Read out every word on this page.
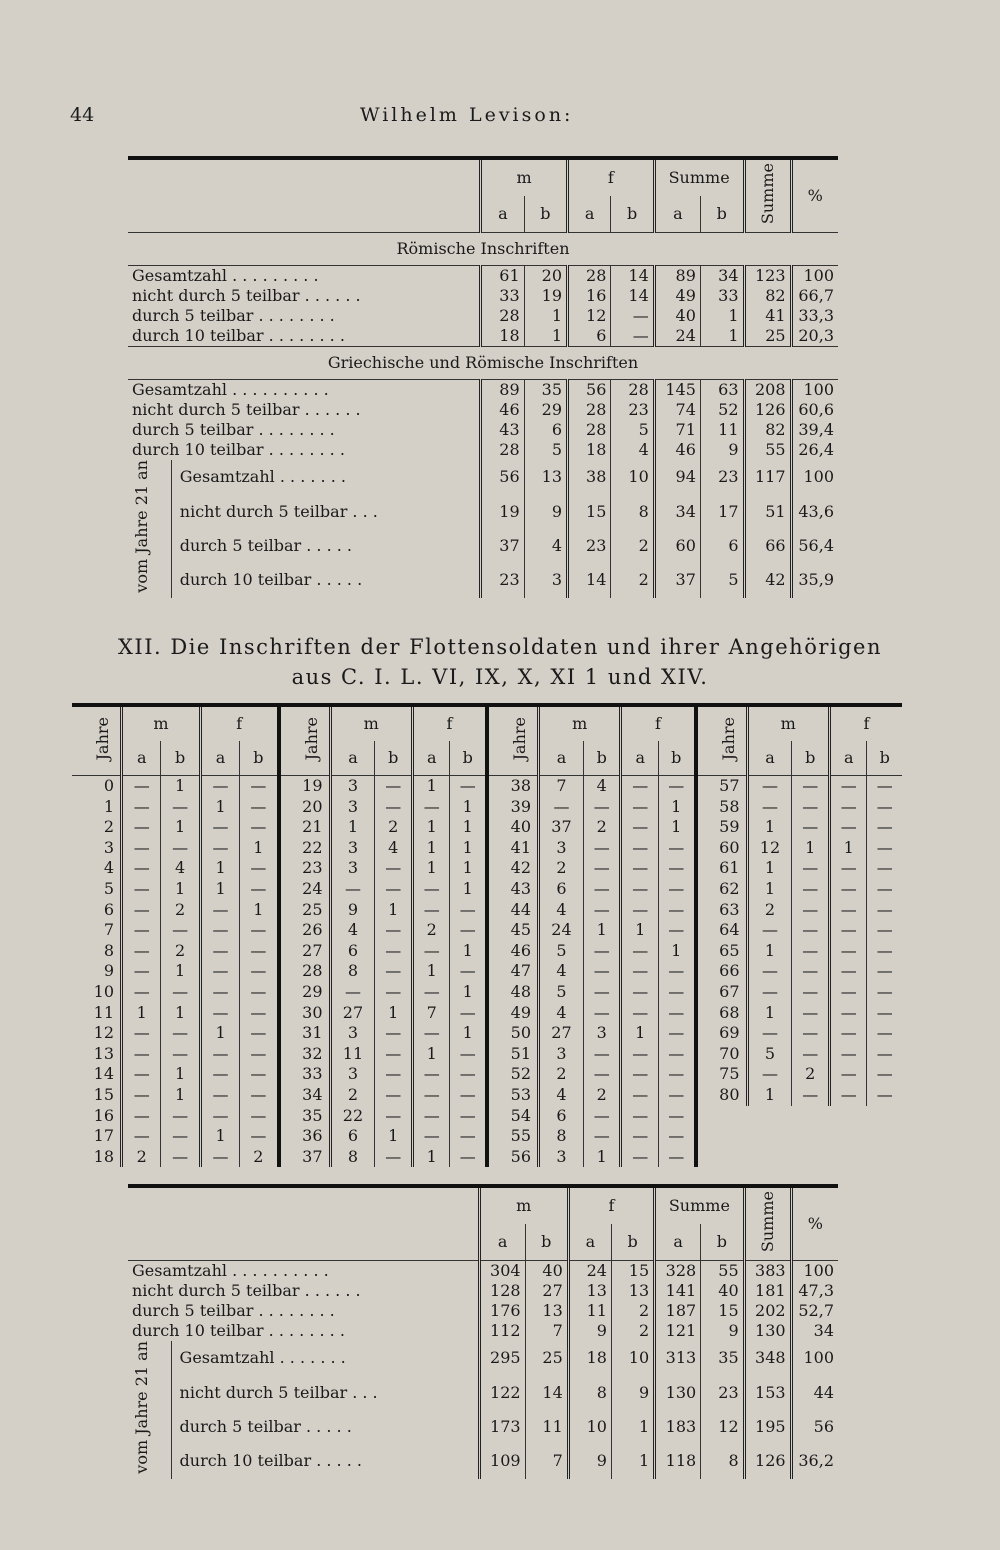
44	Wilhelm Levison:
		m		f		Summe		Summe	%
		a	b	a	b	a	b		
Römische Inschriften									
Gesamtzahl . . . . . . . . .		61	20	28	14	89	34	123	100
nicht durch 5 teilbar . . . . . .		33	19	16	14	49	33	82	66,7
durch 5 teilbar . . . . . . . .		28	1	12	—	40	1	41	33,3
durch 10 teilbar . . . . . . . .		18	1	6	—	24	1	25	20,3
Griechische und Römische Inschriften									
Gesamtzahl . . . . . . . . . .		89	35	56	28	145	63	208	100
nicht durch 5 teilbar . . . . . .		46	29	28	23	74	52	126	60,6
durch 5 teilbar . . . . . . . .		43	6	28	5	71	11	82	39,4
durch 10 teilbar . . . . . . . .		28	5	18	4	46	9	55	26,4
vom Jahre 21 an	Gesamtzahl . . . . . . .	56	13	38	10	94	23	117	100
	nicht durch 5 teilbar . . .	19	9	15	8	34	17	51	43,6
	durch 5 teilbar . . . . .	37	4	23	2	60	6	66	56,4
	durch 10 teilbar . . . . .	23	3	14	2	37	5	42	35,9
XII. Die Inschriften der Flottensoldaten und ihrer Angehörigen
aus C. I. L. VI, IX, X, XI 1 und XIV.
Jahre	m		f	
	a	b	a	b
0	—	1	—	—
1	—	—	1	—
2	—	1	—	—
3	—	—	—	1
4	—	4	1	—
5	—	1	1	—
6	—	2	—	1
7	—	—	—	—
8	—	2	—	—
9	—	1	—	—
10	—	—	—	—
11	1	1	—	—
12	—	—	1	—
13	—	—	—	—
14	—	1	—	—
15	—	1	—	—
16	—	—	—	—
17	—	—	1	—
18	2	—	—	2
Jahre	m		f	
	a	b	a	b
19	3	—	1	—
20	3	—	—	1
21	1	2	1	1
22	3	4	1	1
23	3	—	1	1
24	—	—	—	1
25	9	1	—	—
26	4	—	2	—
27	6	—	—	1
28	8	—	1	—
29	—	—	—	1
30	27	1	7	—
31	3	—	—	1
32	11	—	1	—
33	3	—	—	—
34	2	—	—	—
35	22	—	—	—
36	6	1	—	—
37	8	—	1	—
Jahre	m		f	
	a	b	a	b
38	7	4	—	—
39	—	—	—	1
40	37	2	—	1
41	3	—	—	—
42	2	—	—	—
43	6	—	—	—
44	4	—	—	—
45	24	1	1	—
46	5	—	—	1
47	4	—	—	—
48	5	—	—	—
49	4	—	—	—
50	27	3	1	—
51	3	—	—	—
52	2	—	—	—
53	4	2	—	—
54	6	—	—	—
55	8	—	—	—
56	3	1	—	—
Jahre	m		f	
	a	b	a	b
57	—	—	—	—
58	—	—	—	—
59	1	—	—	—
60	12	1	1	—
61	1	—	—	—
62	1	—	—	—
63	2	—	—	—
64	—	—	—	—
65	1	—	—	—
66	—	—	—	—
67	—	—	—	—
68	1	—	—	—
69	—	—	—	—
70	5	—	—	—
75	—	2	—	—
80	1	—	—	—

		m		f		Summe		Summe	%
		a	b	a	b	a	b		
Gesamtzahl . . . . . . . . . .		304	40	24	15	328	55	383	100
nicht durch 5 teilbar . . . . . .		128	27	13	13	141	40	181	47,3
durch 5 teilbar . . . . . . . .		176	13	11	2	187	15	202	52,7
durch 10 teilbar . . . . . . . .		112	7	9	2	121	9	130	34
vom Jahre 21 an	Gesamtzahl . . . . . . .	295	25	18	10	313	35	348	100
	nicht durch 5 teilbar . . .	122	14	8	9	130	23	153	44
	durch 5 teilbar . . . . .	173	11	10	1	183	12	195	56
	durch 10 teilbar . . . . .	109	7	9	1	118	8	126	36,2
